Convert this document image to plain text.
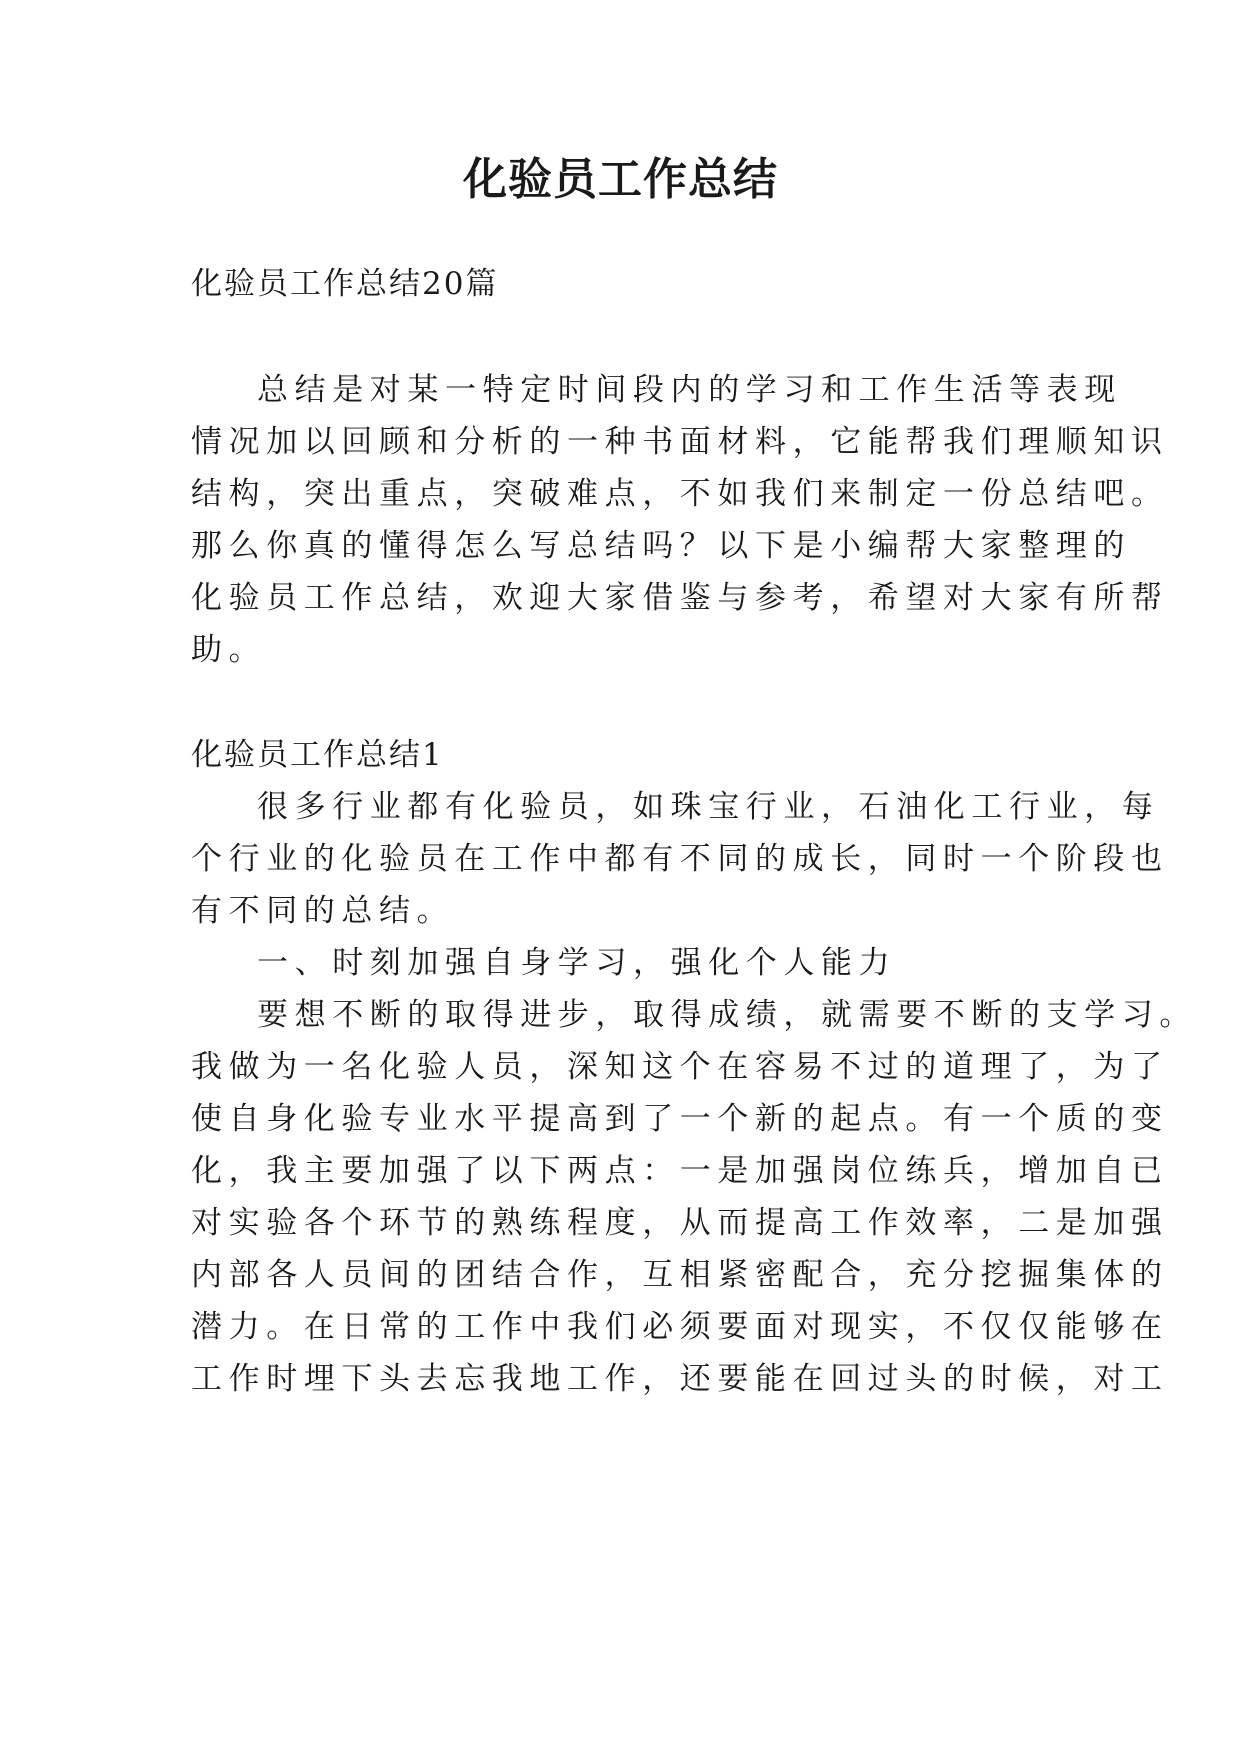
化验员工作总结
化验员工作总结20篇
总结是对某一特定时间段内的学习和工作生活等表现
情况加以回顾和分析的一种书面材料，它能帮我们理顺知识
结构，突出重点，突破难点，不如我们来制定一份总结吧。
那么你真的懂得怎么写总结吗？以下是小编帮大家整理的
化验员工作总结，欢迎大家借鉴与参考，希望对大家有所帮
助。
化验员工作总结1
很多行业都有化验员，如珠宝行业，石油化工行业，每
个行业的化验员在工作中都有不同的成长，同时一个阶段也
有不同的总结。
一、时刻加强自身学习，强化个人能力
要想不断的取得进步，取得成绩，就需要不断的支学习。
我做为一名化验人员，深知这个在容易不过的道理了，为了
使自身化验专业水平提高到了一个新的起点。有一个质的变
化，我主要加强了以下两点：一是加强岗位练兵，增加自已
对实验各个环节的熟练程度，从而提高工作效率，二是加强
内部各人员间的团结合作，互相紧密配合，充分挖掘集体的
潜力。在日常的工作中我们必须要面对现实，不仅仅能够在
工作时埋下头去忘我地工作，还要能在回过头的时候，对工
